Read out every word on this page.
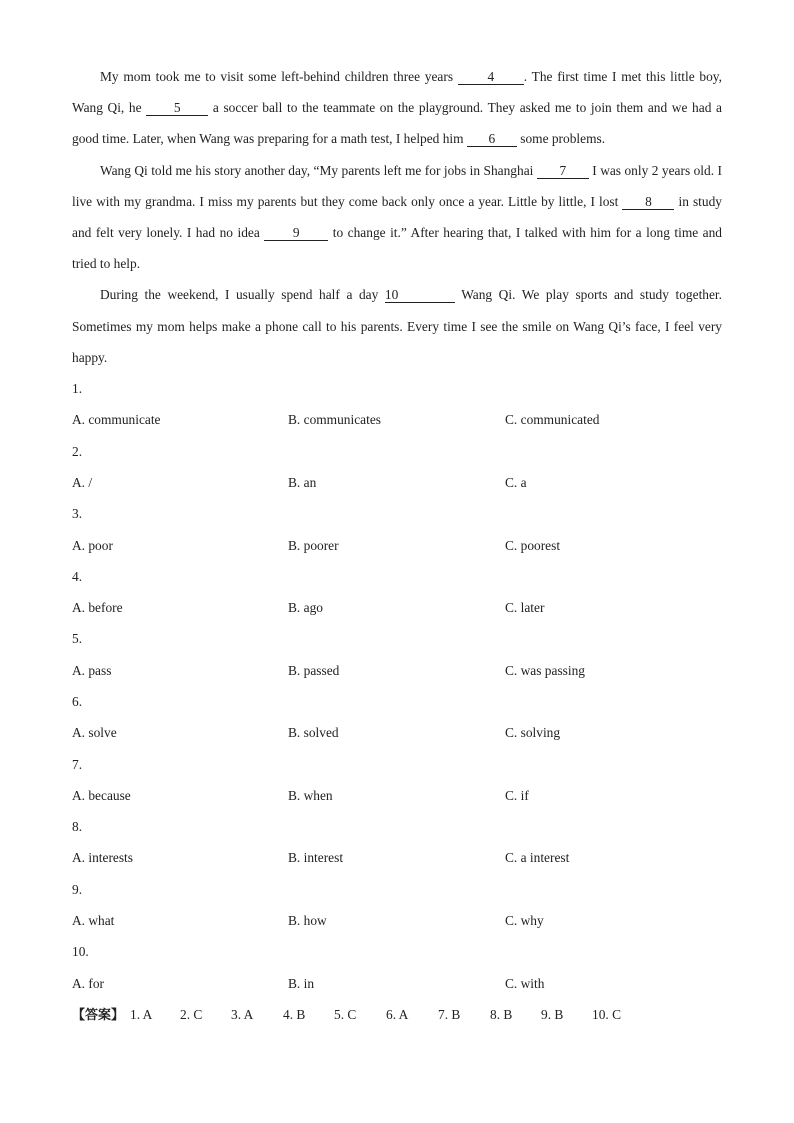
My mom took me to visit some left-behind children three years 4 . The first time I met this little boy, Wang Qi, he 5 a soccer ball to the teammate on the playground. They asked me to join them and we had a good time. Later, when Wang was preparing for a math test, I helped him 6 some problems.

Wang Qi told me his story another day, “My parents left me for jobs in Shanghai 7 I was only 2 years old. I live with my grandma. I miss my parents but they come back only once a year. Little by little, I lost 8 in study and felt very lonely. I had no idea 9 to change it.” After hearing that, I talked with him for a long time and tried to help.

During the weekend, I usually spend half a day 10	Wang Qi. We play sports and study together. Sometimes my mom helps make a phone call to his parents. Every time I see the smile on Wang Qi’s face, I feel very happy.

1.
A. communicate	B. communicates	C. communicated
2.
A. /	B. an	C. a
3.
A. poor	B. poorer	C. poorest
4.
A. before	B. ago	C. later
5.
A. pass	B. passed	C. was passing
6.
A. solve	B. solved	C. solving
7.
A. because	B. when	C. if
8.
A. interests	B. interest	C. a interest
9.
A. what	B. how	C. why
10.
A. for	B. in	C. with
【答案】 1. A 2. C 3. A 4. B 5. C 6. A 7. B 8. B 9. B 10. C
